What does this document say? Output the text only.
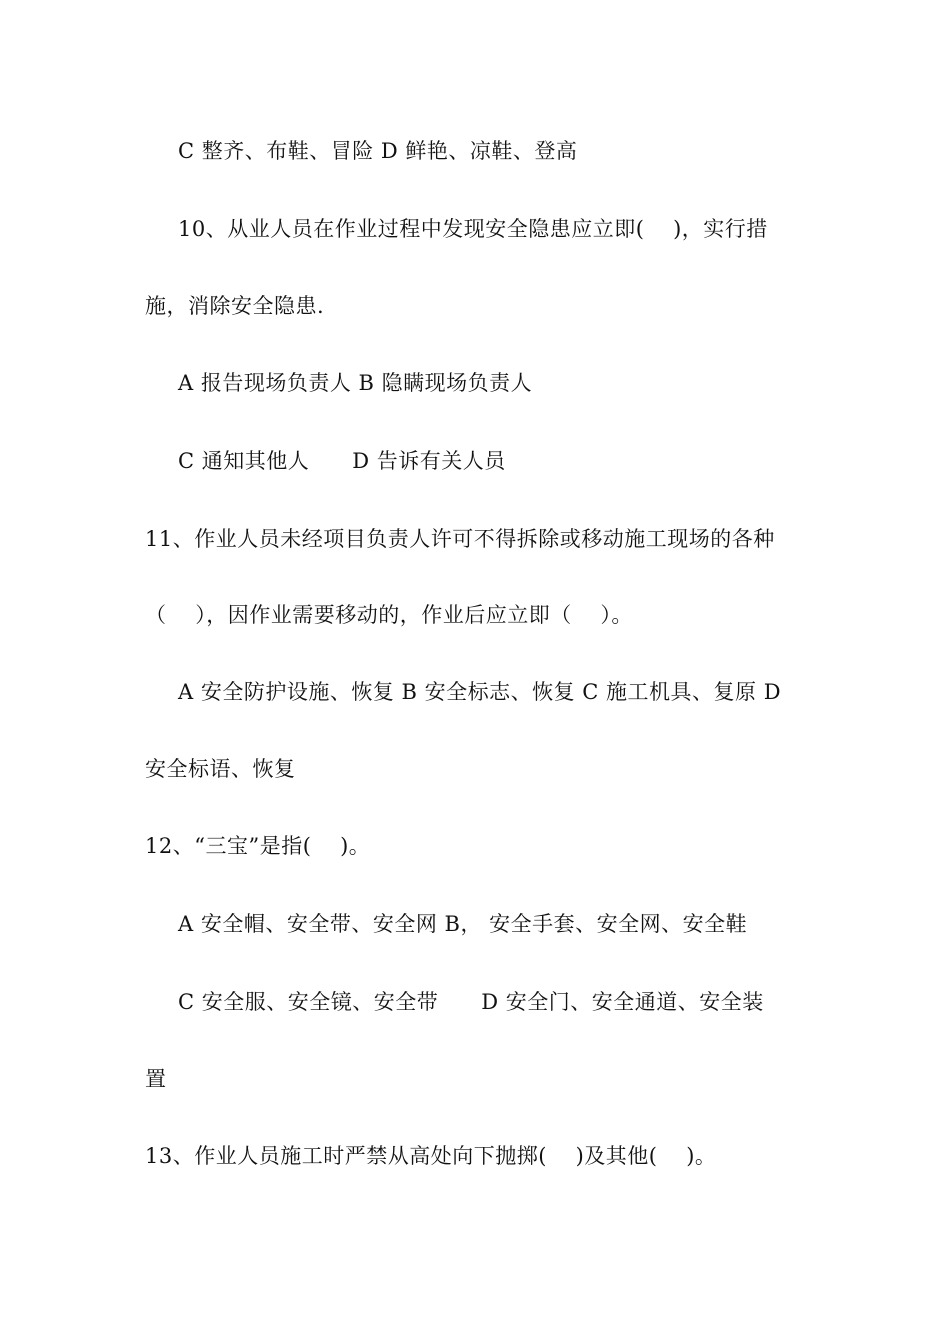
C 整齐、布鞋、冒险 D 鲜艳、凉鞋、登高
10、从业人员在作业过程中发现安全隐患应立即(    )，实行措
施，消除安全隐患.
A 报告现场负责人 B 隐瞒现场负责人
C 通知其他人      D 告诉有关人员
11、作业人员未经项目负责人许可不得拆除或移动施工现场的各种
（    ），因作业需要移动的，作业后应立即（    ）。
A 安全防护设施、恢复 B 安全标志、恢复 C 施工机具、复原 D
安全标语、恢复
12、“三宝”是指(    )。
A 安全帽、安全带、安全网 B， 安全手套、安全网、安全鞋
C 安全服、安全镜、安全带      D 安全门、安全通道、安全装
置
13、作业人员施工时严禁从高处向下抛掷(    )及其他(    )。
